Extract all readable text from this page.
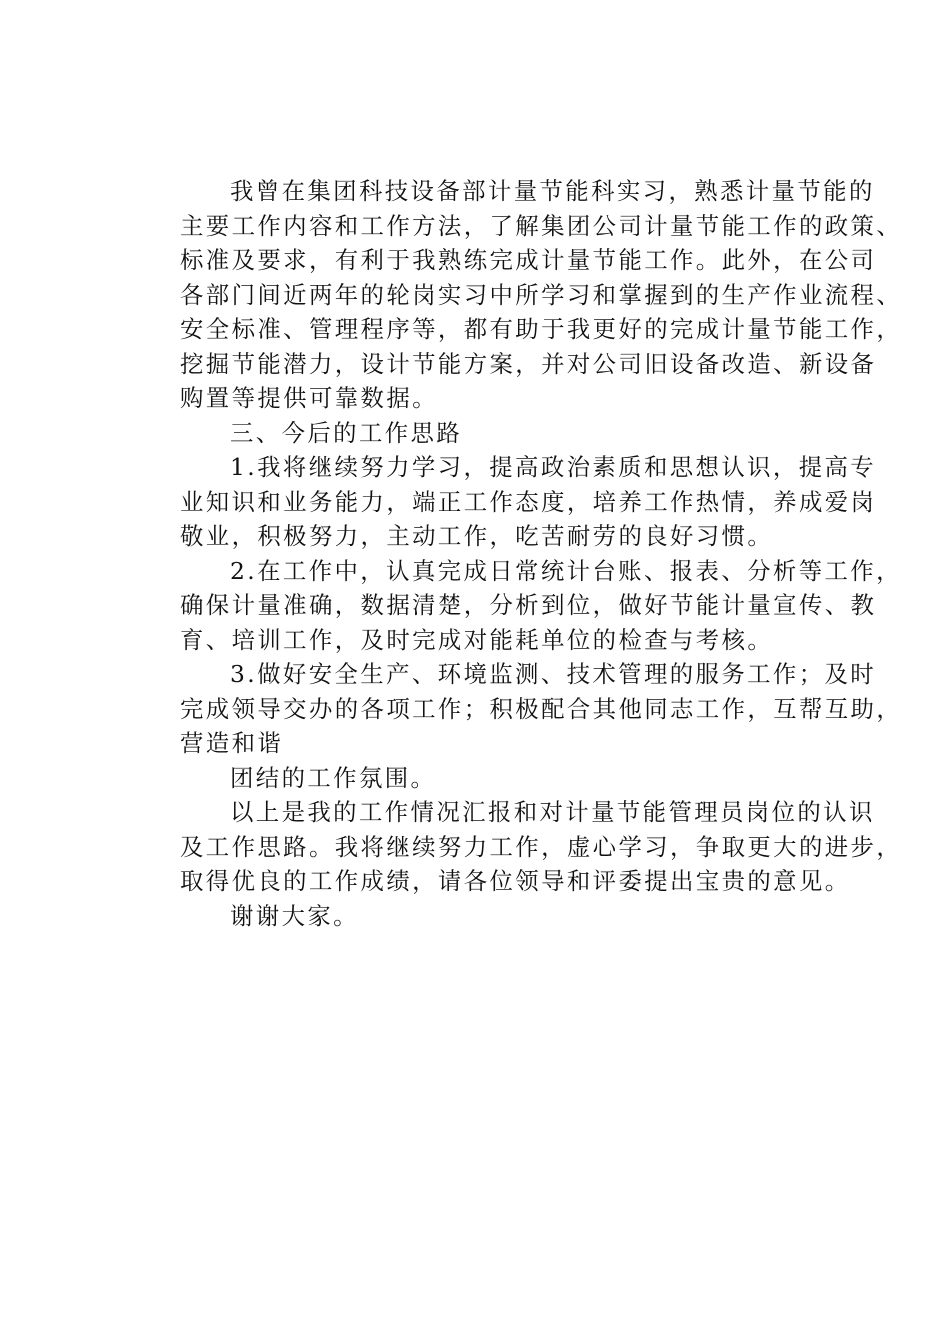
我曾在集团科技设备部计量节能科实习，熟悉计量节能的
主要工作内容和工作方法，了解集团公司计量节能工作的政策、
标准及要求，有利于我熟练完成计量节能工作。此外，在公司
各部门间近两年的轮岗实习中所学习和掌握到的生产作业流程、
安全标准、管理程序等，都有助于我更好的完成计量节能工作，
挖掘节能潜力，设计节能方案，并对公司旧设备改造、新设备
购置等提供可靠数据。
三、今后的工作思路
1.我将继续努力学习，提高政治素质和思想认识，提高专
业知识和业务能力，端正工作态度，培养工作热情，养成爱岗
敬业，积极努力，主动工作，吃苦耐劳的良好习惯。
2.在工作中，认真完成日常统计台账、报表、分析等工作，
确保计量准确，数据清楚，分析到位，做好节能计量宣传、教
育、培训工作，及时完成对能耗单位的检查与考核。
3.做好安全生产、环境监测、技术管理的服务工作；及时
完成领导交办的各项工作；积极配合其他同志工作，互帮互助，
营造和谐
团结的工作氛围。
以上是我的工作情况汇报和对计量节能管理员岗位的认识
及工作思路。我将继续努力工作，虚心学习，争取更大的进步，
取得优良的工作成绩，请各位领导和评委提出宝贵的意见。
谢谢大家。
